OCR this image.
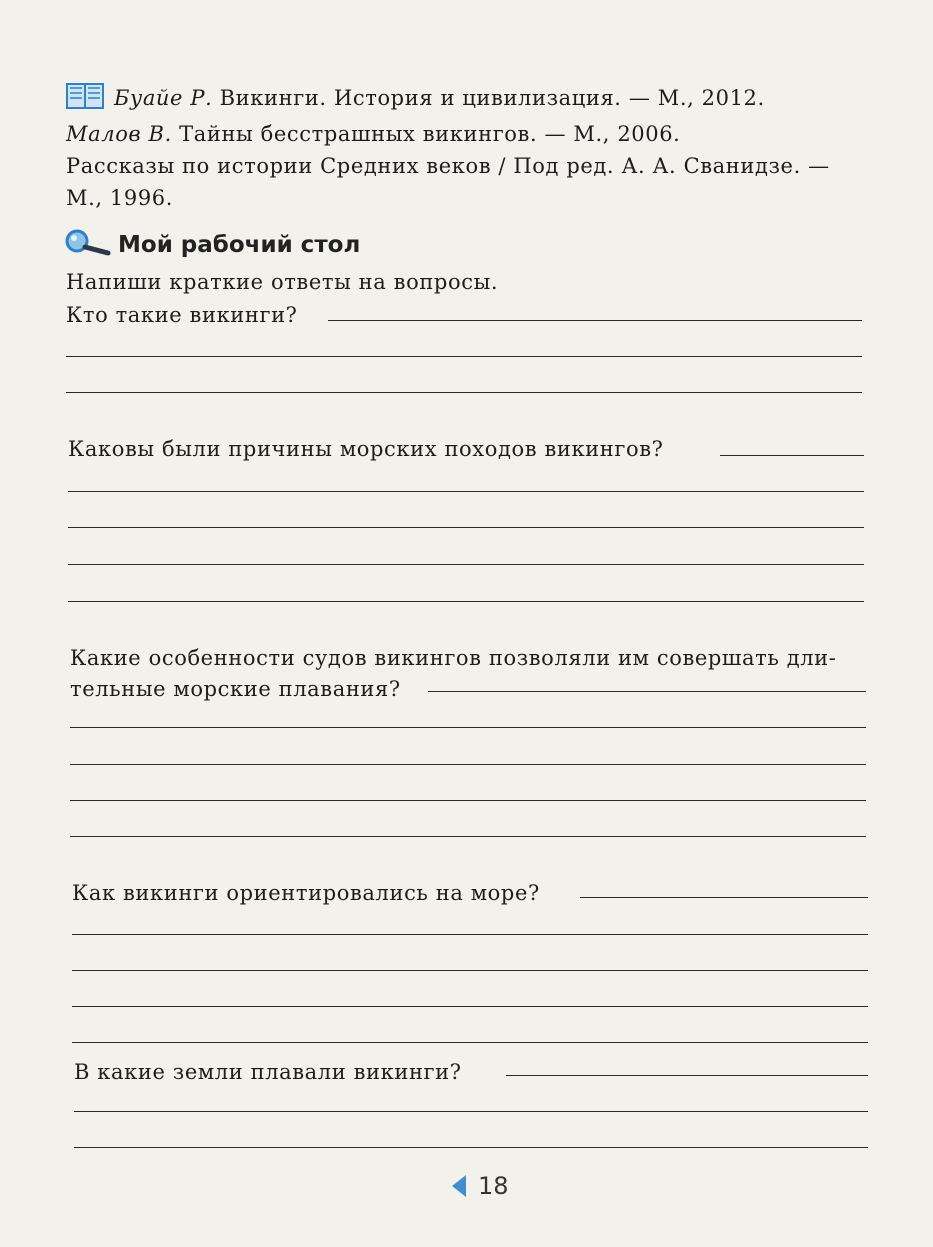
Буайе Р. Викинги. История и цивилизация. — М., 2012.
Малов В. Тайны бесстрашных викингов. — М., 2006.
Рассказы по истории Средних веков / Под ред. А. А. Сванидзе. —
М., 1996.
Мой рабочий стол
Напиши краткие ответы на вопросы.
Кто такие викинги?
Каковы были причины морских походов викингов?
Какие особенности судов викингов позволяли им совершать дли-
тельные морские плавания?
Как викинги ориентировались на море?
В какие земли плавали викинги?
18
